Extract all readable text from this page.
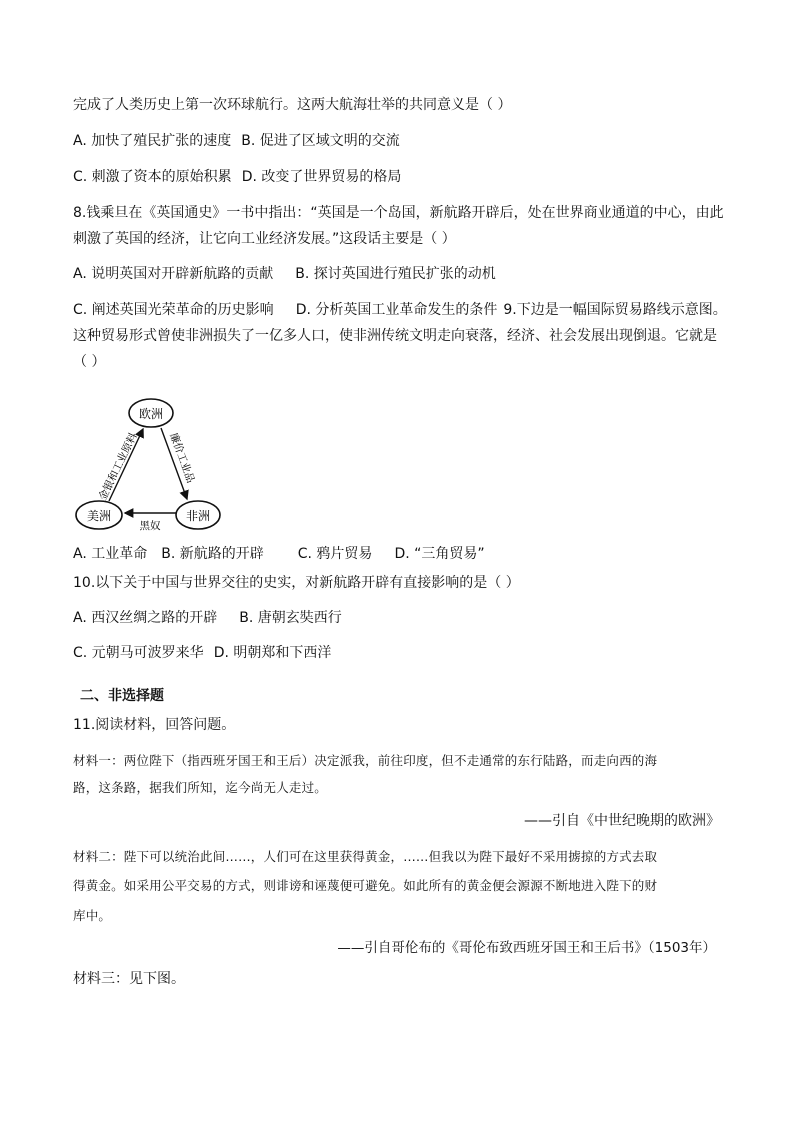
完成了人类历史上第一次环球航行。这两大航海壮举的共同意义是（ ）
A. 加快了殖民扩张的速度 B. 促进了区域文明的交流
C. 刺激了资本的原始积累 D. 改变了世界贸易的格局
8.钱乘旦在《英国通史》一书中指出：“英国是一个岛国，新航路开辟后，处在世界商业通道的中心，由此
刺激了英国的经济，让它向工业经济发展。”这段话主要是（ ）
A. 说明英国对开辟新航路的贡献 B. 探讨英国进行殖民扩张的动机
C. 阐述英国光荣革命的历史影响 D. 分析英国工业革命发生的条件 9.下边是一幅国际贸易路线示意图。
这种贸易形式曾使非洲损失了一亿多人口，使非洲传统文明走向衰落，经济、社会发展出现倒退。它就是
（ ）
欧洲
美洲	非洲
金银和工业原料	廉价工业品
黑奴
A. 工业革命 B. 新航路的开辟 C. 鸦片贸易 D. “三角贸易”
10.以下关于中国与世界交往的史实，对新航路开辟有直接影响的是（ ）
A. 西汉丝绸之路的开辟 B. 唐朝玄奘西行
C. 元朝马可波罗来华 D. 明朝郑和下西洋
二、非选择题
11.阅读材料，回答问题。
材料一：两位陛下（指西班牙国王和王后）决定派我，前往印度，但不走通常的东行陆路，而走向西的海
路，这条路，据我们所知，迄今尚无人走过。
——引自《中世纪晚期的欧洲》
材料二：陛下可以统治此间……，人们可在这里获得黄金，……但我以为陛下最好不采用掳掠的方式去取
得黄金。如采用公平交易的方式，则诽谤和诬蔑便可避免。如此所有的黄金便会源源不断地进入陛下的财
库中。
——引自哥伦布的《哥伦布致西班牙国王和王后书》（1503年）
材料三：见下图。
